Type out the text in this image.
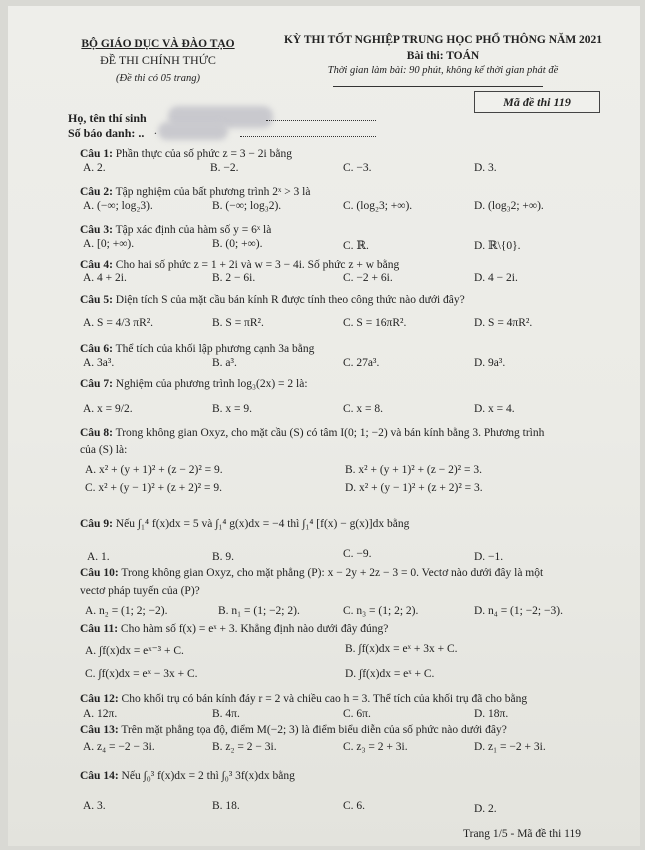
BỘ GIÁO DỤC VÀ ĐÀO TẠO
ĐỀ THI CHÍNH THỨC
(Đề thi có 05 trang)
KỲ THI TỐT NGHIỆP TRUNG HỌC PHỔ THÔNG NĂM 2021
Bài thi: TOÁN
Thời gian làm bài: 90 phút, không kể thời gian phát đề
Mã đề thi 119
Họ, tên thí sinh
Số báo danh: .. .
Câu 1: Phần thực của số phức z = 3 − 2i bằng
A. 2.	B. −2.	C. −3.	D. 3.
Câu 2: Tập nghiệm của bất phương trình 2ˣ > 3 là
A. (−∞; log₂3).	B. (−∞; log₃2).	C. (log₂3; +∞).	D. (log₃2; +∞).
Câu 3: Tập xác định của hàm số y = 6ˣ là
A. [0; +∞).	B. (0; +∞).	C. ℝ.	D. ℝ\{0}.
Câu 4: Cho hai số phức z = 1 + 2i và w = 3 − 4i. Số phức z + w bằng
A. 4 + 2i.	B. 2 − 6i.	C. −2 + 6i.	D. 4 − 2i.
Câu 5: Diện tích S của mặt cầu bán kính R được tính theo công thức nào dưới đây?
A. S = 4/3 πR².	B. S = πR².	C. S = 16πR².	D. S = 4πR².
Câu 6: Thể tích của khối lập phương cạnh 3a bằng
A. 3a³.	B. a³.	C. 27a³.	D. 9a³.
Câu 7: Nghiệm của phương trình log₃(2x) = 2 là:
A. x = 9/2.	B. x = 9.	C. x = 8.	D. x = 4.
Câu 8: Trong không gian Oxyz, cho mặt cầu (S) có tâm I(0; 1; −2) và bán kính bằng 3. Phương trình
của (S) là:
A. x² + (y + 1)² + (z − 2)² = 9.	B. x² + (y + 1)² + (z − 2)² = 3.
C. x² + (y − 1)² + (z + 2)² = 9.	D. x² + (y − 1)² + (z + 2)² = 3.
Câu 9: Nếu ∫₁⁴ f(x)dx = 5 và ∫₁⁴ g(x)dx = −4 thì ∫₁⁴ [f(x) − g(x)]dx bằng
A. 1.	B. 9.	C. −9.	D. −1.
Câu 10: Trong không gian Oxyz, cho mặt phẳng (P): x − 2y + 2z − 3 = 0. Vectơ nào dưới đây là một
vectơ pháp tuyến của (P)?
A. n₂ = (1; 2; −2).	B. n₁ = (1; −2; 2).	C. n₃ = (1; 2; 2).	D. n₄ = (1; −2; −3).
Câu 11: Cho hàm số f(x) = eˣ + 3. Khẳng định nào dưới đây đúng?
A. ∫f(x)dx = eˣ⁻³ + C.	B. ∫f(x)dx = eˣ + 3x + C.
C. ∫f(x)dx = eˣ − 3x + C.	D. ∫f(x)dx = eˣ + C.
Câu 12: Cho khối trụ có bán kính đáy r = 2 và chiều cao h = 3. Thể tích của khối trụ đã cho bằng
A. 12π.	B. 4π.	C. 6π.	D. 18π.
Câu 13: Trên mặt phẳng tọa độ, điểm M(−2; 3) là điểm biểu diễn của số phức nào dưới đây?
A. z₄ = −2 − 3i.	B. z₂ = 2 − 3i.	C. z₃ = 2 + 3i.	D. z₁ = −2 + 3i.
Câu 14: Nếu ∫₀³ f(x)dx = 2 thì ∫₀³ 3f(x)dx bằng
A. 3.	B. 18.	C. 6.	D. 2.
Trang 1/5 - Mã đề thi 119
